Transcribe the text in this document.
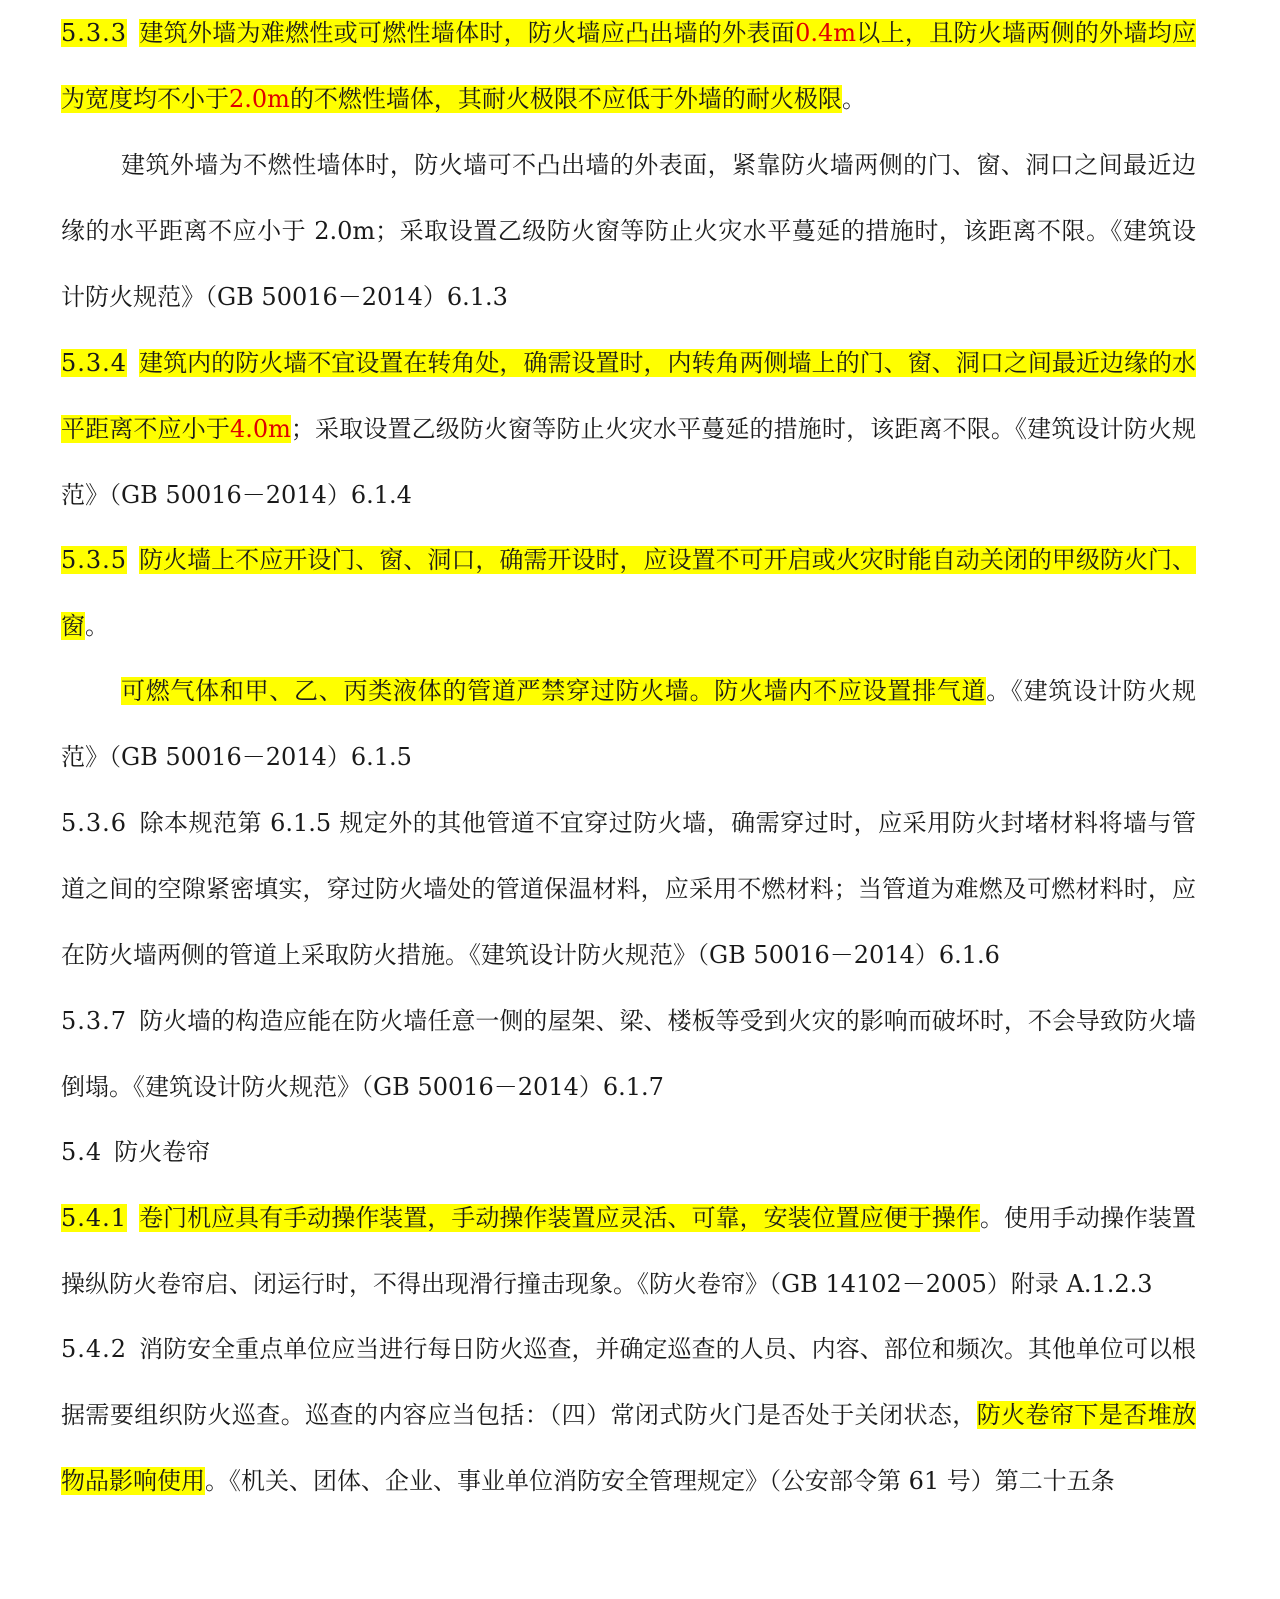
5.3.3 建筑外墙为难燃性或可燃性墙体时，防火墙应凸出墙的外表面0.4m以上，且防火墙两侧的外墙均应为宽度均不小于2.0m的不燃性墙体，其耐火极限不应低于外墙的耐火极限。

建筑外墙为不燃性墙体时，防火墙可不凸出墙的外表面，紧靠防火墙两侧的门、窗、洞口之间最近边缘的水平距离不应小于 2.0m；采取设置乙级防火窗等防止火灾水平蔓延的措施时，该距离不限。《建筑设计防火规范》（GB 50016－2014）6.1.3

5.3.4 建筑内的防火墙不宜设置在转角处，确需设置时，内转角两侧墙上的门、窗、洞口之间最近边缘的水平距离不应小于4.0m；采取设置乙级防火窗等防止火灾水平蔓延的措施时，该距离不限。《建筑设计防火规范》（GB 50016－2014）6.1.4

5.3.5 防火墙上不应开设门、窗、洞口，确需开设时，应设置不可开启或火灾时能自动关闭的甲级防火门、窗。

可燃气体和甲、乙、丙类液体的管道严禁穿过防火墙。防火墙内不应设置排气道。《建筑设计防火规范》（GB 50016－2014）6.1.5

5.3.6 除本规范第 6.1.5 规定外的其他管道不宜穿过防火墙，确需穿过时，应采用防火封堵材料将墙与管道之间的空隙紧密填实，穿过防火墙处的管道保温材料，应采用不燃材料；当管道为难燃及可燃材料时，应在防火墙两侧的管道上采取防火措施。《建筑设计防火规范》（GB 50016－2014）6.1.6

5.3.7 防火墙的构造应能在防火墙任意一侧的屋架、梁、楼板等受到火灾的影响而破坏时，不会导致防火墙倒塌。《建筑设计防火规范》（GB 50016－2014）6.1.7

5.4 防火卷帘

5.4.1 卷门机应具有手动操作装置，手动操作装置应灵活、可靠，安装位置应便于操作。使用手动操作装置操纵防火卷帘启、闭运行时，不得出现滑行撞击现象。《防火卷帘》（GB 14102－2005）附录 A.1.2.3

5.4.2 消防安全重点单位应当进行每日防火巡查，并确定巡查的人员、内容、部位和频次。其他单位可以根据需要组织防火巡查。巡查的内容应当包括：（四）常闭式防火门是否处于关闭状态，防火卷帘下是否堆放物品影响使用。《机关、团体、企业、事业单位消防安全管理规定》（公安部令第 61 号）第二十五条
